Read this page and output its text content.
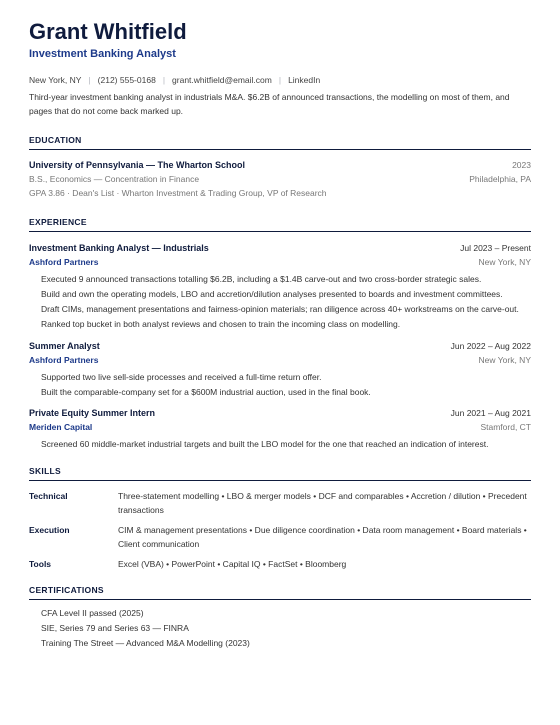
Grant Whitfield
Investment Banking Analyst
New York, NY | (212) 555-0168 | grant.whitfield@email.com | LinkedIn
Third-year investment banking analyst in industrials M&A. $6.2B of announced transactions, the modelling on most of them, and pages that do not come back marked up.
EDUCATION
University of Pennsylvania — The Wharton School	2023
B.S., Economics — Concentration in Finance	Philadelphia, PA
GPA 3.86 · Dean's List · Wharton Investment & Trading Group, VP of Research
EXPERIENCE
Investment Banking Analyst — Industrials	Jul 2023 – Present
Ashford Partners	New York, NY
Executed 9 announced transactions totalling $6.2B, including a $1.4B carve-out and two cross-border strategic sales.
Build and own the operating models, LBO and accretion/dilution analyses presented to boards and investment committees.
Draft CIMs, management presentations and fairness-opinion materials; ran diligence across 40+ workstreams on the carve-out.
Ranked top bucket in both analyst reviews and chosen to train the incoming class on modelling.
Summer Analyst	Jun 2022 – Aug 2022
Ashford Partners	New York, NY
Supported two live sell-side processes and received a full-time return offer.
Built the comparable-company set for a $600M industrial auction, used in the final book.
Private Equity Summer Intern	Jun 2021 – Aug 2021
Meriden Capital	Stamford, CT
Screened 60 middle-market industrial targets and built the LBO model for the one that reached an indication of interest.
SKILLS
Technical	Three-statement modelling • LBO & merger models • DCF and comparables • Accretion / dilution • Precedent transactions
Execution	CIM & management presentations • Due diligence coordination • Data room management • Board materials • Client communication
Tools	Excel (VBA) • PowerPoint • Capital IQ • FactSet • Bloomberg
CERTIFICATIONS
CFA Level II passed (2025)
SIE, Series 79 and Series 63 — FINRA
Training The Street — Advanced M&A Modelling (2023)
